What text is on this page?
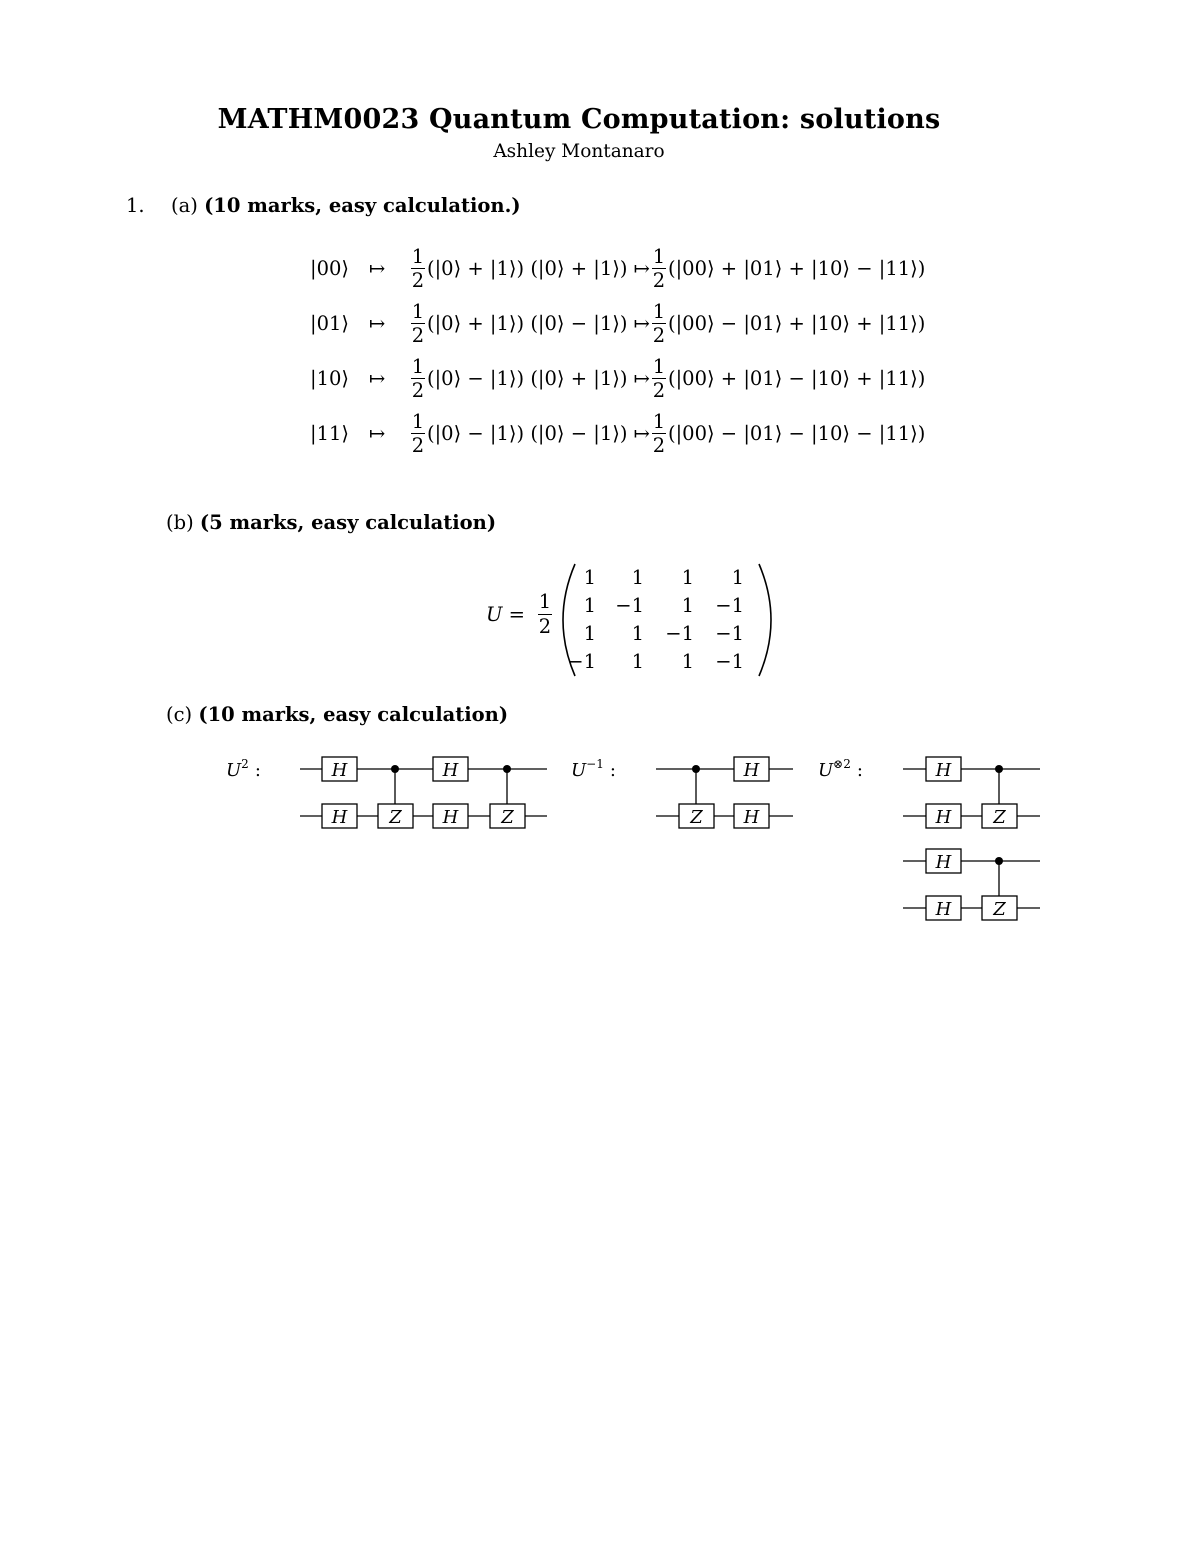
MATHM0023 Quantum Computation: solutions
Ashley Montanaro
1. (a) (10 marks, easy calculation.)
|00⟩ ↦ $\frac{1}{2}$ (|0⟩ + |1⟩) (|0⟩ + |1⟩) ↦ $\frac{1}{2}$ (|00⟩ + |01⟩ + |10⟩ − |11⟩)
|01⟩ ↦ $\frac{1}{2}$ (|0⟩ + |1⟩) (|0⟩ − |1⟩) ↦ $\frac{1}{2}$ (|00⟩ − |01⟩ + |10⟩ + |11⟩)
|10⟩ ↦ $\frac{1}{2}$ (|0⟩ − |1⟩) (|0⟩ + |1⟩) ↦ $\frac{1}{2}$ (|00⟩ + |01⟩ − |10⟩ + |11⟩)
|11⟩ ↦ $\frac{1}{2}$ (|0⟩ − |1⟩) (|0⟩ − |1⟩) ↦ $\frac{1}{2}$ (|00⟩ − |01⟩ − |10⟩ − |11⟩)
(b) (5 marks, easy calculation)
$U = \frac{1}{2}$
1 1 1 1
1 −1 1 −1
1 1 −1 −1
−1 1 1 −1
(c) (10 marks, easy calculation)
$U^2$ :	$U^{-1}$ :	$U^{\otimes 2}$ :
H
H Z
H
H Z	Z
H
H
H
H Z
H
H Z
